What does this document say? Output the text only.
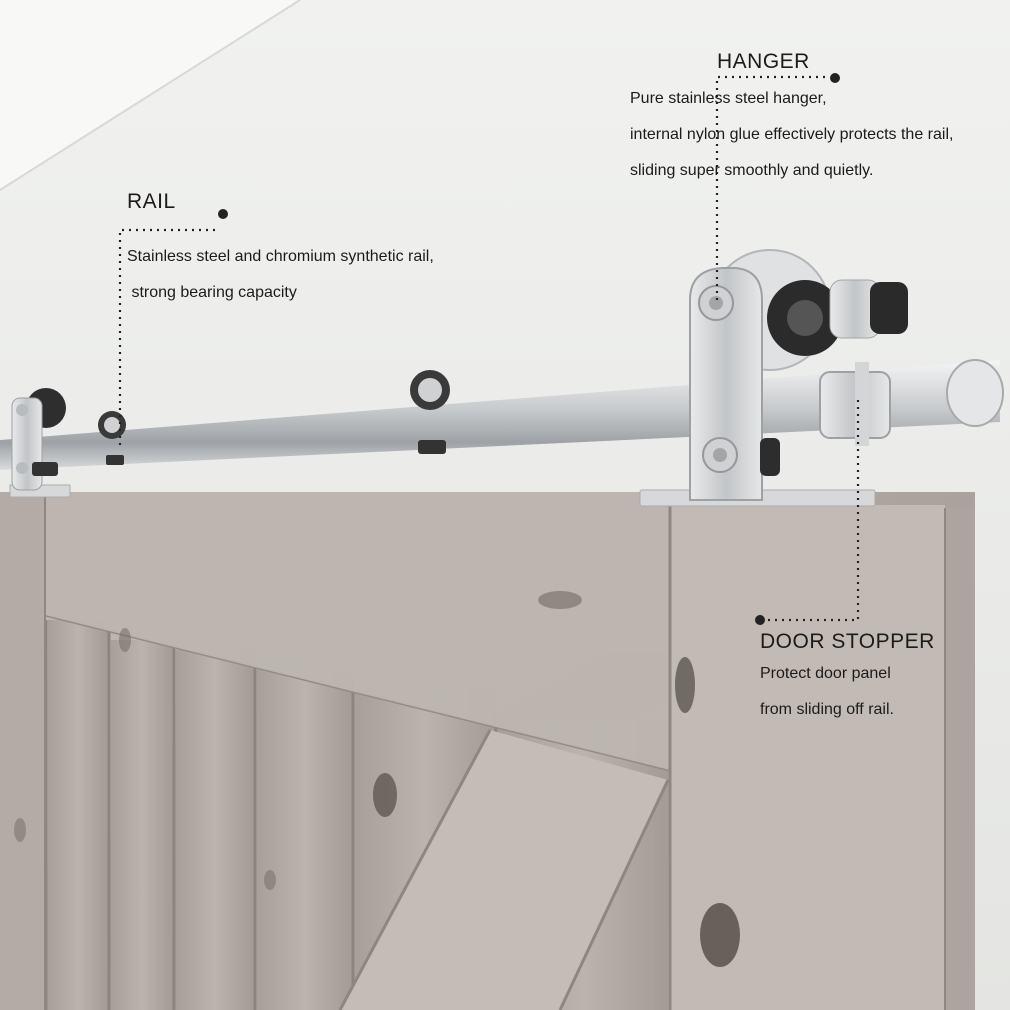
RAIL
Stainless steel and chromium synthetic rail,
strong bearing capacity
HANGER
Pure stainless steel hanger,
internal nylon glue effectively protects the rail,
sliding super smoothly and quietly.
DOOR STOPPER
Protect door panel
from sliding off rail.
